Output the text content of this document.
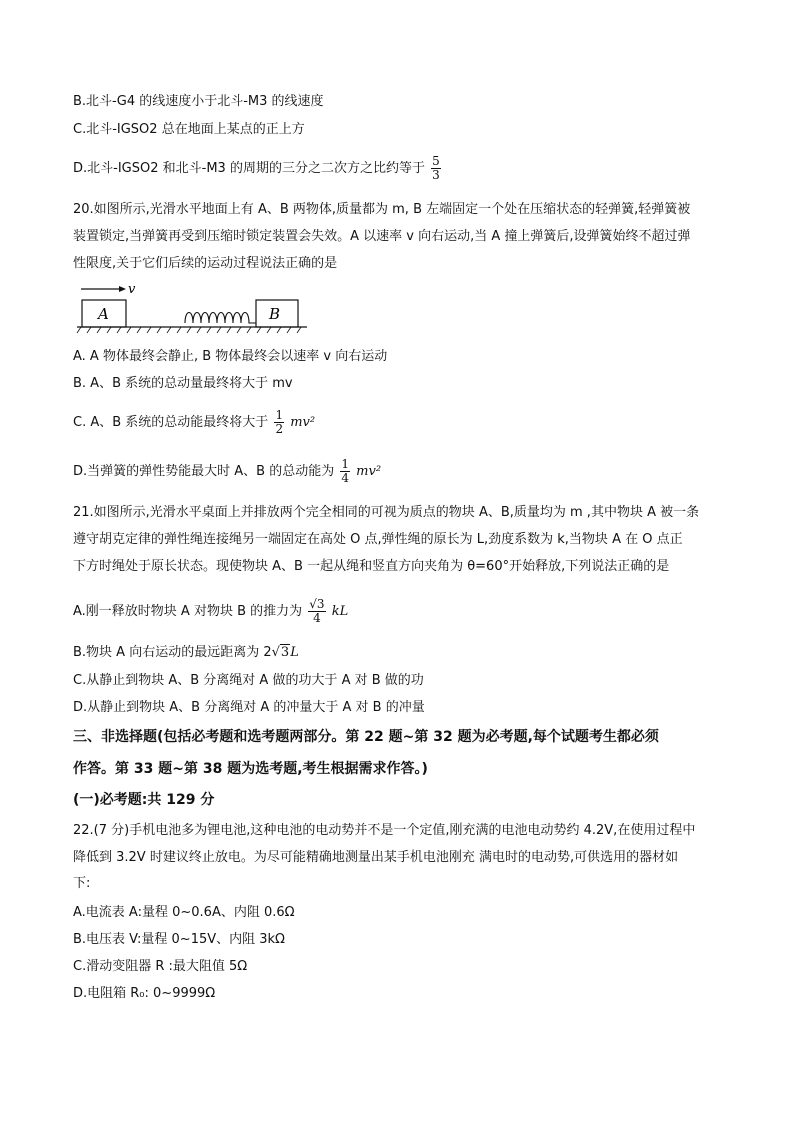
B.北斗-G4 的线速度小于北斗-M3 的线速度
C.北斗-IGSO2 总在地面上某点的正上方
D.北斗-IGSO2 和北斗-M3 的周期的三分之二次方之比约等于 $\frac{5}{3}$
20.如图所示,光滑水平地面上有 A、B 两物体,质量都为 m, B 左端固定一个处在压缩状态的轻弹簧,轻弹簧被
装置锁定,当弹簧再受到压缩时锁定装置会失效。A 以速率 v 向右运动,当 A 撞上弹簧后,设弹簧始终不超过弹
性限度,关于它们后续的运动过程说法正确的是
v
A	B
A. A 物体最终会静止, B 物体最终会以速率 v 向右运动
B. A、B 系统的总动量最终将大于 mv
C. A、B 系统的总动能最终将大于 $\frac{1}{2} mv^2$
D.当弹簧的弹性势能最大时 A、B 的总动能为 $\frac{1}{4} mv^2$
21.如图所示,光滑水平桌面上并排放两个完全相同的可视为质点的物块 A、B,质量均为 m ,其中物块 A 被一条
遵守胡克定律的弹性绳连接绳另一端固定在高处 O 点,弹性绳的原长为 L,劲度系数为 k,当物块 A 在 O 点正
下方时绳处于原长状态。现使物块 A、B 一起从绳和竖直方向夹角为 θ=60°开始释放,下列说法正确的是
A.刚一释放时物块 A 对物块 B 的推力为 $\frac{√3}{4}$ kL
B.物块 A 向右运动的最远距离为 2√3L
C.从静止到物块 A、B 分离绳对 A 做的功大于 A 对 B 做的功
D.从静止到物块 A、B 分离绳对 A 的冲量大于 A 对 B 的冲量
三、非选择题(包括必考题和选考题两部分。第 22 题~第 32 题为必考题,每个试题考生都必须
作答。第 33 题~第 38 题为选考题,考生根据需求作答。)
(一)必考题:共 129 分
22.(7 分)手机电池多为锂电池,这种电池的电动势并不是一个定值,刚充满的电池电动势约 4.2V,在使用过程中
降低到 3.2V 时建议终止放电。为尽可能精确地测量出某手机电池刚充 满电时的电动势,可供选用的器材如
下:
A.电流表 A:量程 0~0.6A、内阻 0.6Ω
B.电压表 V:量程 0~15V、内阻 3kΩ
C.滑动变阻器 R :最大阻值 5Ω
D.电阻箱 R₀: 0~9999Ω
